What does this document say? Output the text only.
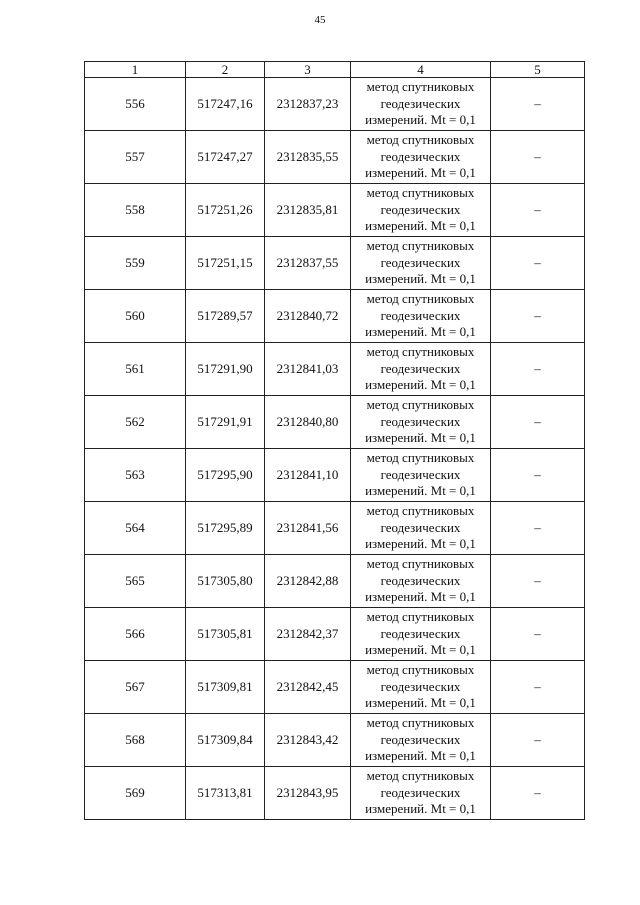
45
1	2	3	4	5
556	517247,16	2312837,23	метод спутниковых
геодезических
измерений. Mt = 0,1	–
557	517247,27	2312835,55	метод спутниковых
геодезических
измерений. Mt = 0,1	–
558	517251,26	2312835,81	метод спутниковых
геодезических
измерений. Mt = 0,1	–
559	517251,15	2312837,55	метод спутниковых
геодезических
измерений. Mt = 0,1	–
560	517289,57	2312840,72	метод спутниковых
геодезических
измерений. Mt = 0,1	–
561	517291,90	2312841,03	метод спутниковых
геодезических
измерений. Mt = 0,1	–
562	517291,91	2312840,80	метод спутниковых
геодезических
измерений. Mt = 0,1	–
563	517295,90	2312841,10	метод спутниковых
геодезических
измерений. Mt = 0,1	–
564	517295,89	2312841,56	метод спутниковых
геодезических
измерений. Mt = 0,1	–
565	517305,80	2312842,88	метод спутниковых
геодезических
измерений. Mt = 0,1	–
566	517305,81	2312842,37	метод спутниковых
геодезических
измерений. Mt = 0,1	–
567	517309,81	2312842,45	метод спутниковых
геодезических
измерений. Mt = 0,1	–
568	517309,84	2312843,42	метод спутниковых
геодезических
измерений. Mt = 0,1	–
569	517313,81	2312843,95	метод спутниковых
геодезических
измерений. Mt = 0,1	–
